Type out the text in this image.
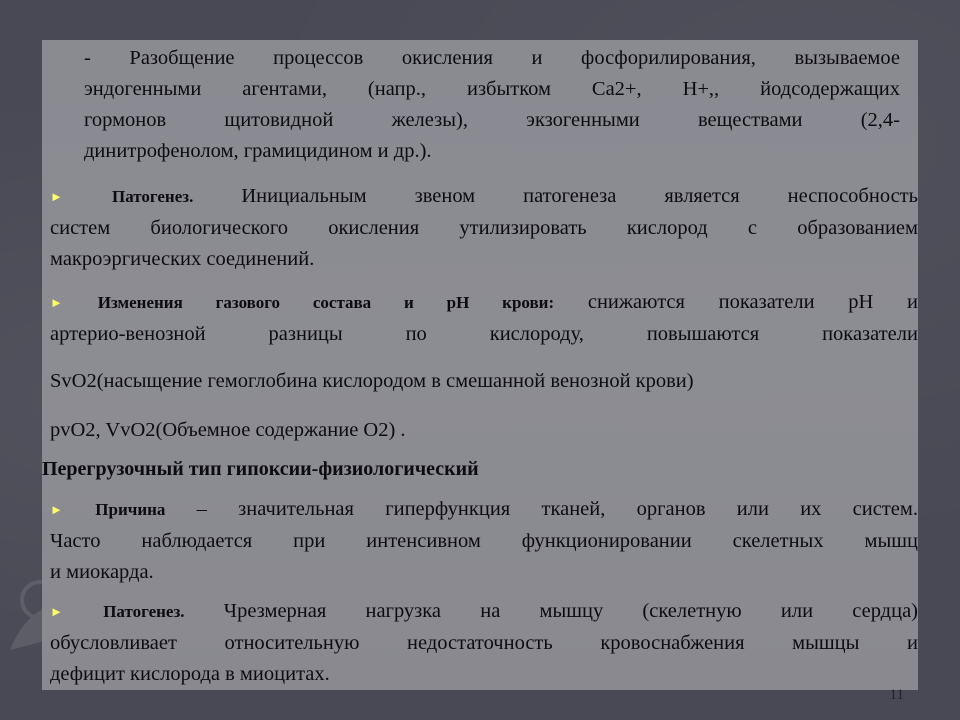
- Разобщение процессов окисления и фосфорилирования, вызываемое

эндогенными агентами, (напр., избытком Ca2+, H+,, йодсодержащих

гормонов щитовидной железы), экзогенными веществами (2,4-

динитрофенолом, грамицидином и др.).

►	Патогенез. Инициальным звеном патогенеза является неспособность

систем биологического окисления утилизировать кислород с образованием

макроэргических соединений.

► Изменения газового состава и рН крови: снижаются показатели pH и

артерио-венозной разницы по кислороду, повышаются показатели

SvO2(насыщение гемоглобина кислородом в смешанной венозной крови)

pvO2, VvO2(Объемное содержание O2) .

Перегрузочный тип гипоксии-физиологический

► Причина – значительная гиперфункция тканей, органов или их систем.

Часто наблюдается при интенсивном функционировании скелетных мышц

и миокарда.

► Патогенез. Чрезмерная нагрузка на мышцу (скелетную или сердца)

обусловливает относительную недостаточность кровоснабжения мышцы и

дефицит кислорода в миоцитах.

11
